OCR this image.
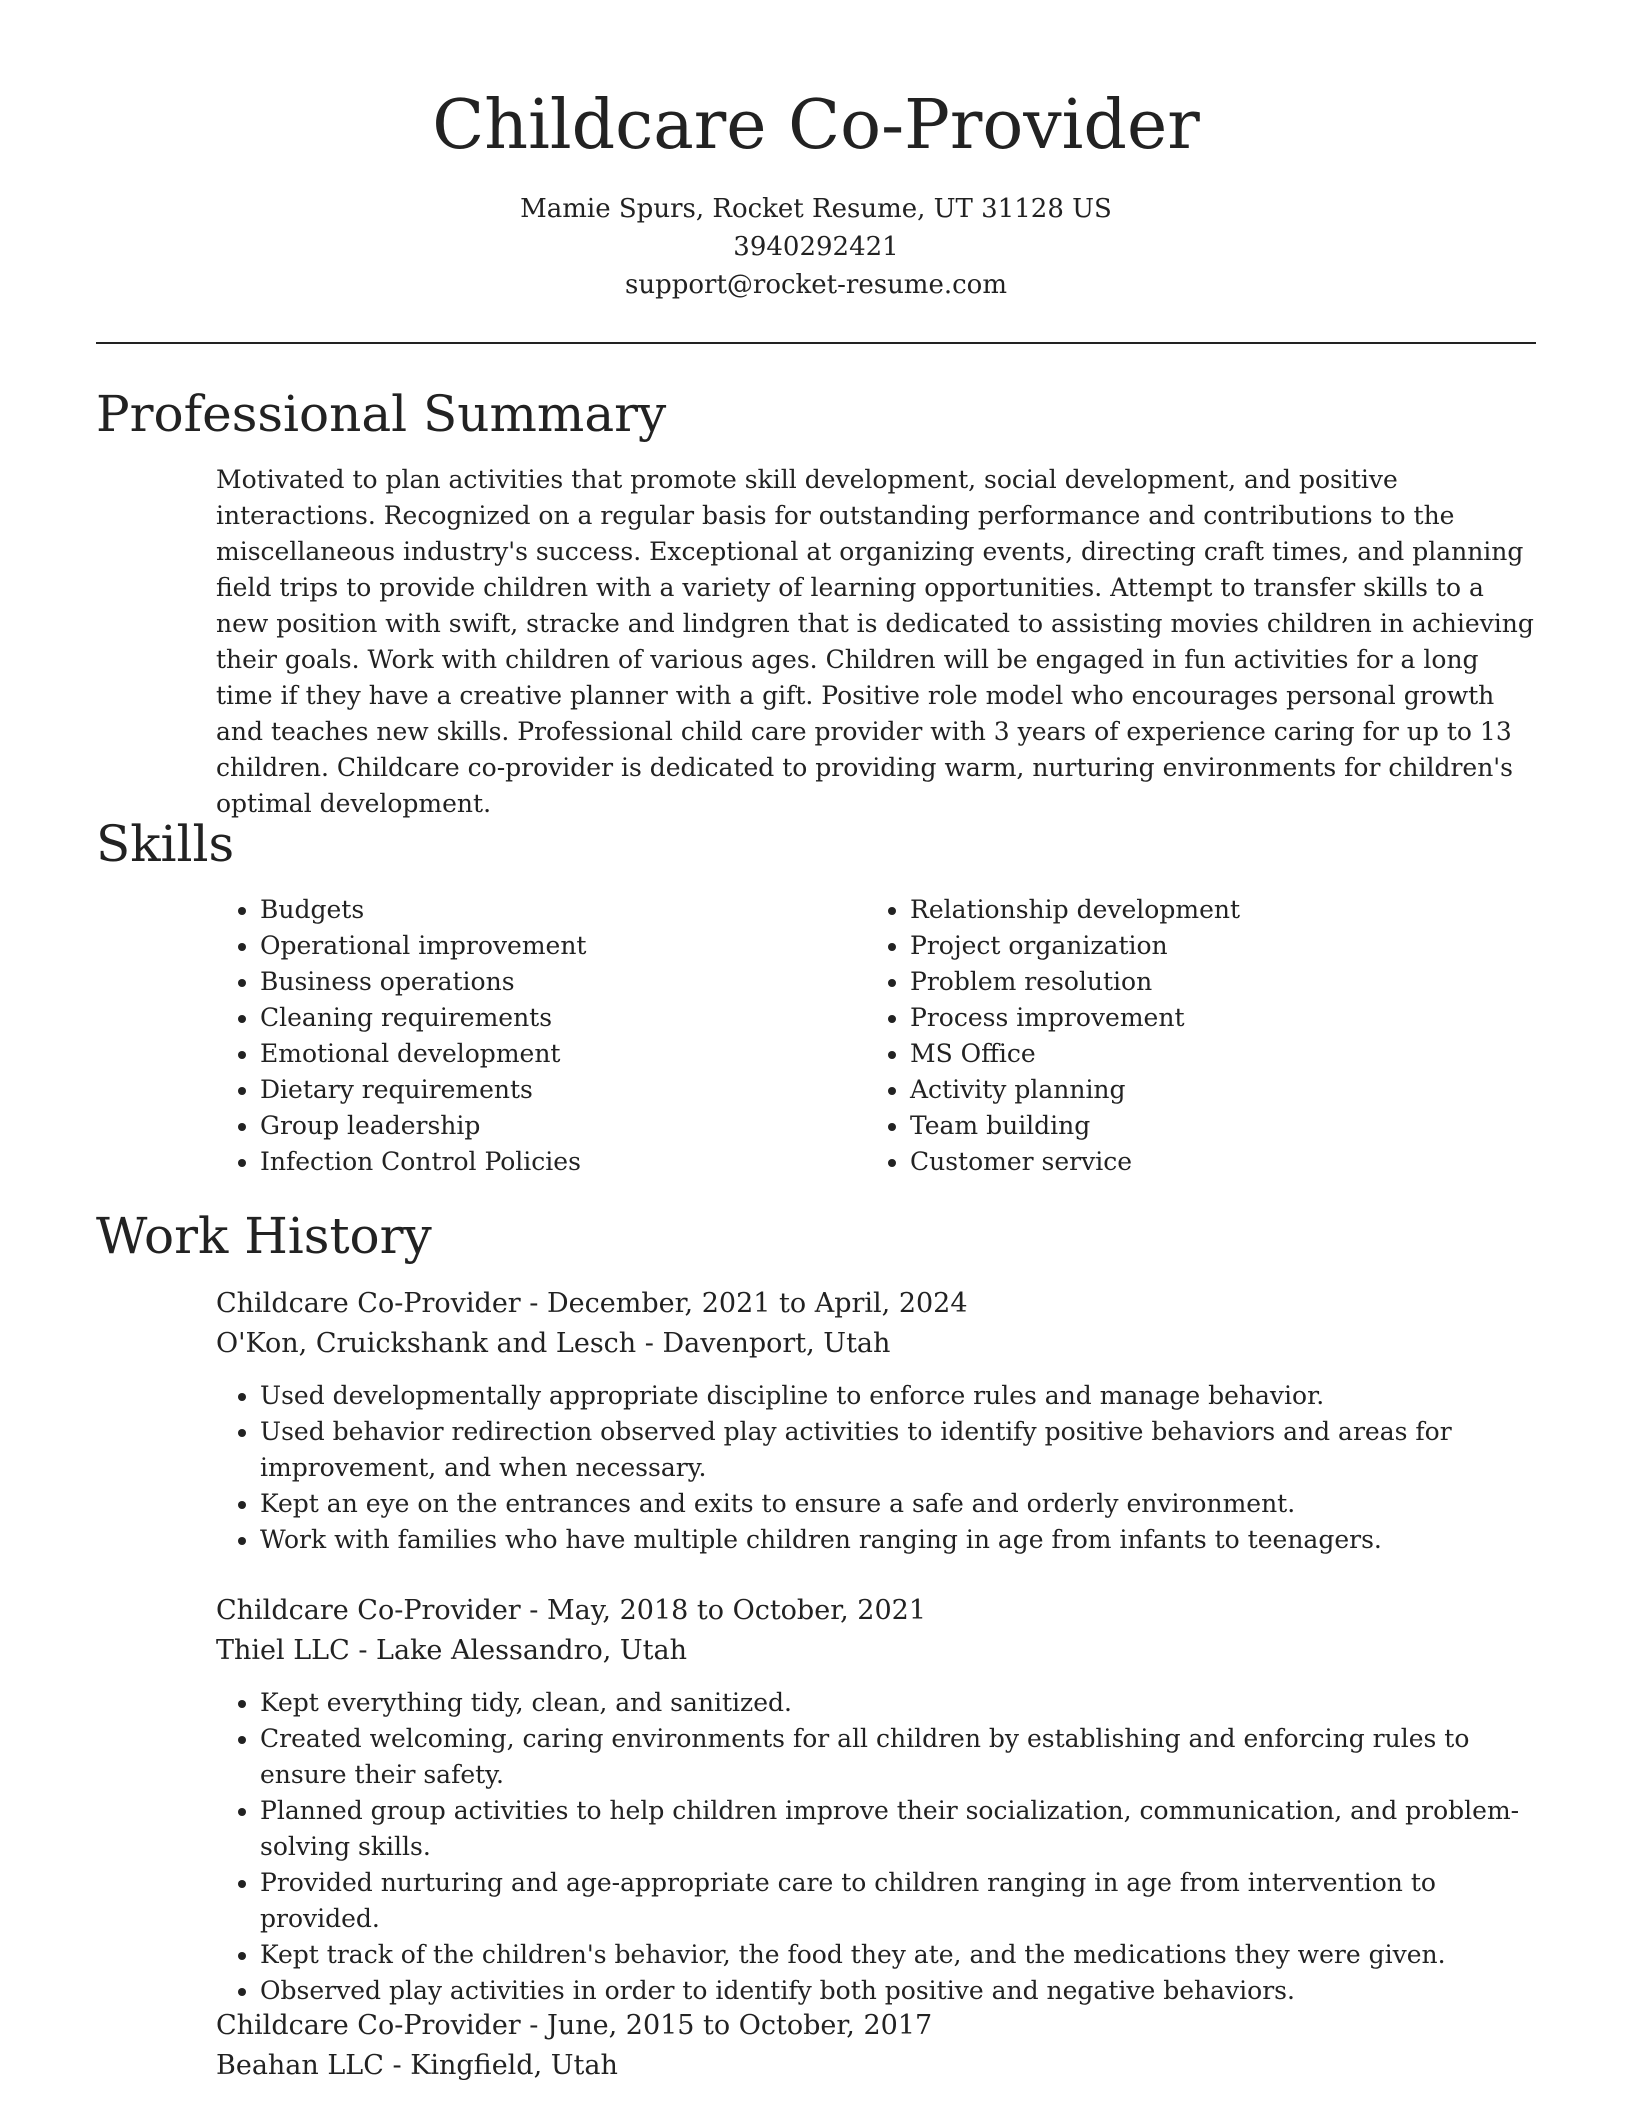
Childcare Co-Provider
Mamie Spurs, Rocket Resume, UT 31128 US
3940292421
support@rocket-resume.com
Professional Summary

Motivated to plan activities that promote skill development, social development, and positive interactions. Recognized on a regular basis for outstanding performance and contributions to the miscellaneous industry's success. Exceptional at organizing events, directing craft times, and planning field trips to provide children with a variety of learning opportunities. Attempt to transfer skills to a new position with swift, stracke and lindgren that is dedicated to assisting movies children in achieving their goals. Work with children of various ages. Children will be engaged in fun activities for a long time if they have a creative planner with a gift. Positive role model who encourages personal growth and teaches new skills. Professional child care provider with 3 years of experience caring for up to 13 children. Childcare co-provider is dedicated to providing warm, nurturing environments for children's optimal development.

Skills
• Budgets
• Operational improvement
• Business operations
• Cleaning requirements
• Emotional development
• Dietary requirements
• Group leadership
• Infection Control Policies
• Relationship development
• Project organization
• Problem resolution
• Process improvement
• MS Office
• Activity planning
• Team building
• Customer service
Work History
Childcare Co-Provider - December, 2021 to April, 2024
O'Kon, Cruickshank and Lesch - Davenport, Utah
• Used developmentally appropriate discipline to enforce rules and manage behavior.
• Used behavior redirection observed play activities to identify positive behaviors and areas for improvement, and when necessary.
• Kept an eye on the entrances and exits to ensure a safe and orderly environment.
• Work with families who have multiple children ranging in age from infants to teenagers.
Childcare Co-Provider - May, 2018 to October, 2021
Thiel LLC - Lake Alessandro, Utah
• Kept everything tidy, clean, and sanitized.
• Created welcoming, caring environments for all children by establishing and enforcing rules to ensure their safety.
• Planned group activities to help children improve their socialization, communication, and problem-solving skills.
• Provided nurturing and age-appropriate care to children ranging in age from intervention to provided.
• Kept track of the children's behavior, the food they ate, and the medications they were given.
• Observed play activities in order to identify both positive and negative behaviors.
Childcare Co-Provider - June, 2015 to October, 2017
Beahan LLC - Kingfield, Utah
